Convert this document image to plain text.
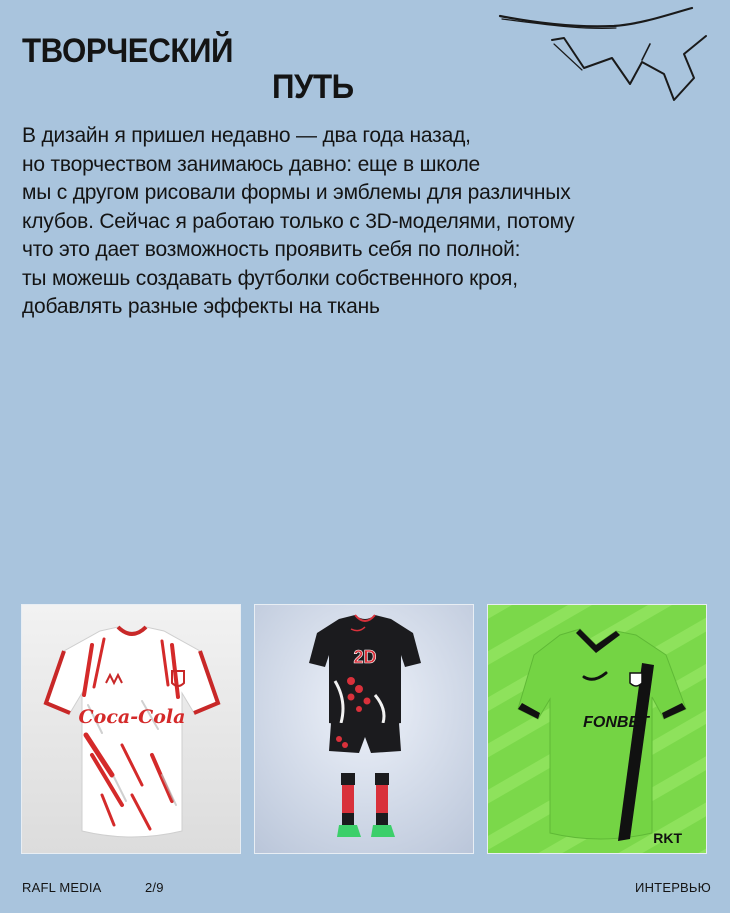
ТВОРЧЕСКИЙ
ПУТЬ
В дизайн я пришел недавно — два года назад,
но творчеством занимаюсь давно: еще в школе
мы с другом рисовали формы и эмблемы для различных
клубов. Сейчас я работаю только с 3D-моделями, потому
что это дает возможность проявить себя по полной:
ты можешь создавать футболки собственного кроя,
добавлять разные эффекты на ткань
Coca-Cola
2D
FONBET
RKT
RAFL MEDIA	2/9	ИНТЕРВЬЮ
